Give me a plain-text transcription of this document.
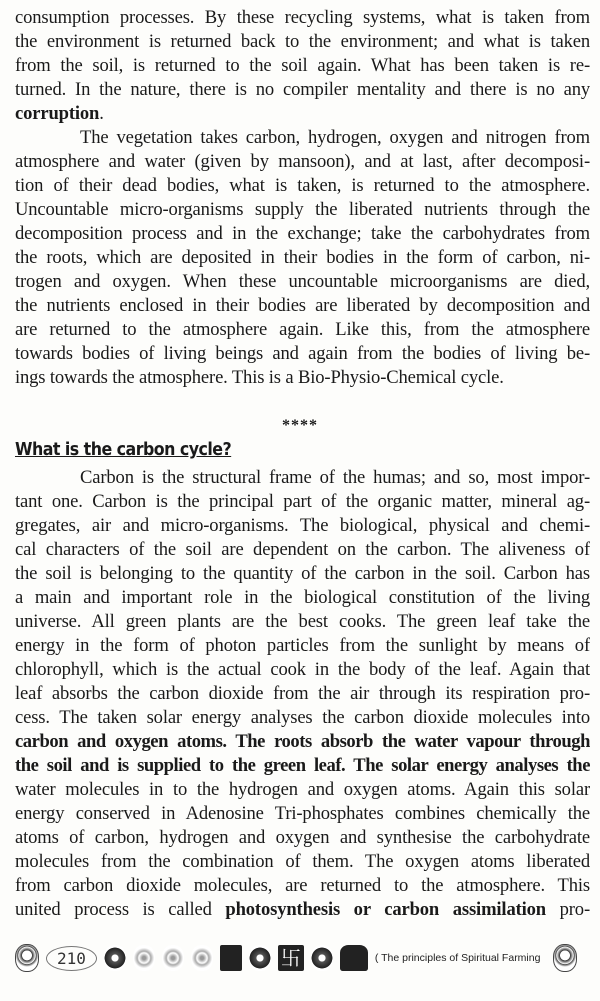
consumption processes. By these recycling systems, what is taken from
the environment is returned back to the environment; and what is taken
from the soil, is returned to the soil again. What has been taken is re-
turned. In the nature, there is no compiler mentality and there is no any
corruption.
The vegetation takes carbon, hydrogen, oxygen and nitrogen from
atmosphere and water (given by mansoon), and at last, after decomposi-
tion of their dead bodies, what is taken, is returned to the atmosphere.
Uncountable micro-organisms supply the liberated nutrients through the
decomposition process and in the exchange; take the carbohydrates from
the roots, which are deposited in their bodies in the form of carbon, ni-
trogen and oxygen. When these uncountable microorganisms are died,
the nutrients enclosed in their bodies are liberated by decomposition and
are returned to the atmosphere again. Like this, from the atmosphere
towards bodies of living beings and again from the bodies of living be-
ings towards the atmosphere. This is a Bio-Physio-Chemical cycle.
****
What is the carbon cycle?
Carbon is the structural frame of the humas; and so, most impor-
tant one. Carbon is the principal part of the organic matter, mineral ag-
gregates, air and micro-organisms. The biological, physical and chemi-
cal characters of the soil are dependent on the carbon. The aliveness of
the soil is belonging to the quantity of the carbon in the soil. Carbon has
a main and important role in the biological constitution of the living
universe. All green plants are the best cooks. The green leaf take the
energy in the form of photon particles from the sunlight by means of
chlorophyll, which is the actual cook in the body of the leaf. Again that
leaf absorbs the carbon dioxide from the air through its respiration pro-
cess. The taken solar energy analyses the carbon dioxide molecules into
carbon and oxygen atoms. The roots absorb the water vapour through
the soil and is supplied to the green leaf. The solar energy analyses the
water molecules in to the hydrogen and oxygen atoms. Again this solar
energy conserved in Adenosine Tri-phosphates combines chemically the
atoms of carbon, hydrogen and oxygen and synthesise the carbohydrate
molecules from the combination of them. The oxygen atoms liberated
from carbon dioxide molecules, are returned to the atmosphere. This
united process is called photosynthesis or carbon assimilation pro-
210	卐	( The principles of Spiritual Farming
